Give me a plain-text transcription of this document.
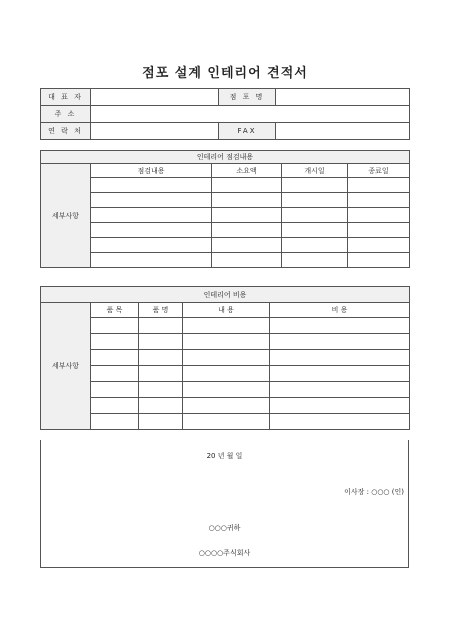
점포 설계 인테리어 견적서
대 표 자		점 포 명	
주 소			
연 락 처		FAX	
인테리어 점검내용				
세부사항	점검내용	소요액	개시일	종료일

인테리어 비용				
세부사항	품 목	품 명	내 용	비 용

20 년 월 일
이사장 : ○○○ (인)
○○○귀하
○○○○주식회사
